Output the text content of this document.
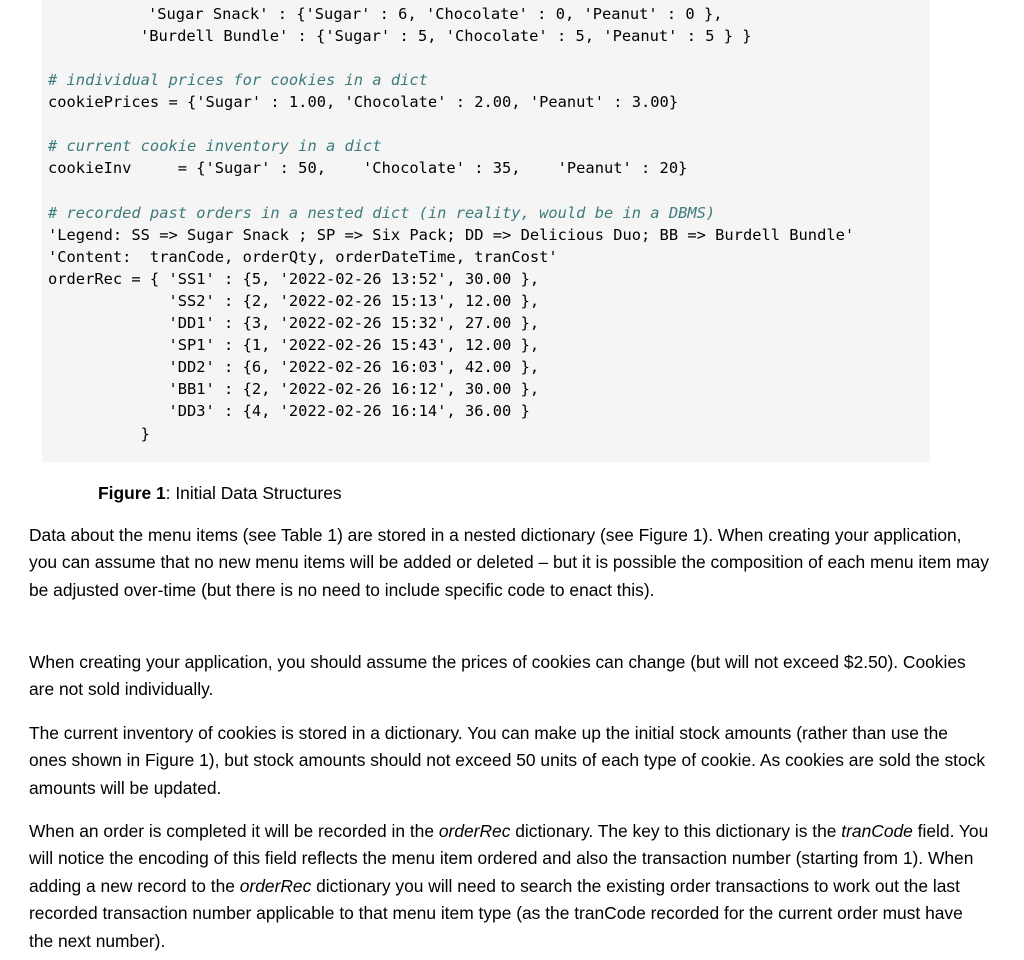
'Sugar Snack' : {'Sugar' : 6, 'Chocolate' : 0, 'Peanut' : 0 },
'Burdell Bundle' : {'Sugar' : 5, 'Chocolate' : 5, 'Peanut' : 5 } }
# individual prices for cookies in a dict
cookiePrices = {'Sugar' : 1.00, 'Chocolate' : 2.00, 'Peanut' : 3.00}
# current cookie inventory in a dict
cookieInv     = {'Sugar' : 50,    'Chocolate' : 35,    'Peanut' : 20}
# recorded past orders in a nested dict (in reality, would be in a DBMS)
'Legend: SS => Sugar Snack ; SP => Six Pack; DD => Delicious Duo; BB => Burdell Bundle'
'Content:  tranCode, orderQty, orderDateTime, tranCost'
orderRec = { 'SS1' : {5, '2022-02-26 13:52', 30.00 },
'SS2' : {2, '2022-02-26 15:13', 12.00 },
'DD1' : {3, '2022-02-26 15:32', 27.00 },
'SP1' : {1, '2022-02-26 15:43', 12.00 },
'DD2' : {6, '2022-02-26 16:03', 42.00 },
'BB1' : {2, '2022-02-26 16:12', 30.00 },
'DD3' : {4, '2022-02-26 16:14', 36.00 }
}
Figure 1: Initial Data Structures

Data about the menu items (see Table 1) are stored in a nested dictionary (see Figure 1). When creating your application, you can assume that no new menu items will be added or deleted – but it is possible the composition of each menu item may be adjusted over-time (but there is no need to include specific code to enact this).

When creating your application, you should assume the prices of cookies can change (but will not exceed $2.50). Cookies are not sold individually.

The current inventory of cookies is stored in a dictionary. You can make up the initial stock amounts (rather than use the ones shown in Figure 1), but stock amounts should not exceed 50 units of each type of cookie. As cookies are sold the stock amounts will be updated.

When an order is completed it will be recorded in the orderRec dictionary. The key to this dictionary is the tranCode field. You will notice the encoding of this field reflects the menu item ordered and also the transaction number (starting from 1). When adding a new record to the orderRec dictionary you will need to search the existing order transactions to work out the last recorded transaction number applicable to that menu item type (as the tranCode recorded for the current order must have the next number).
